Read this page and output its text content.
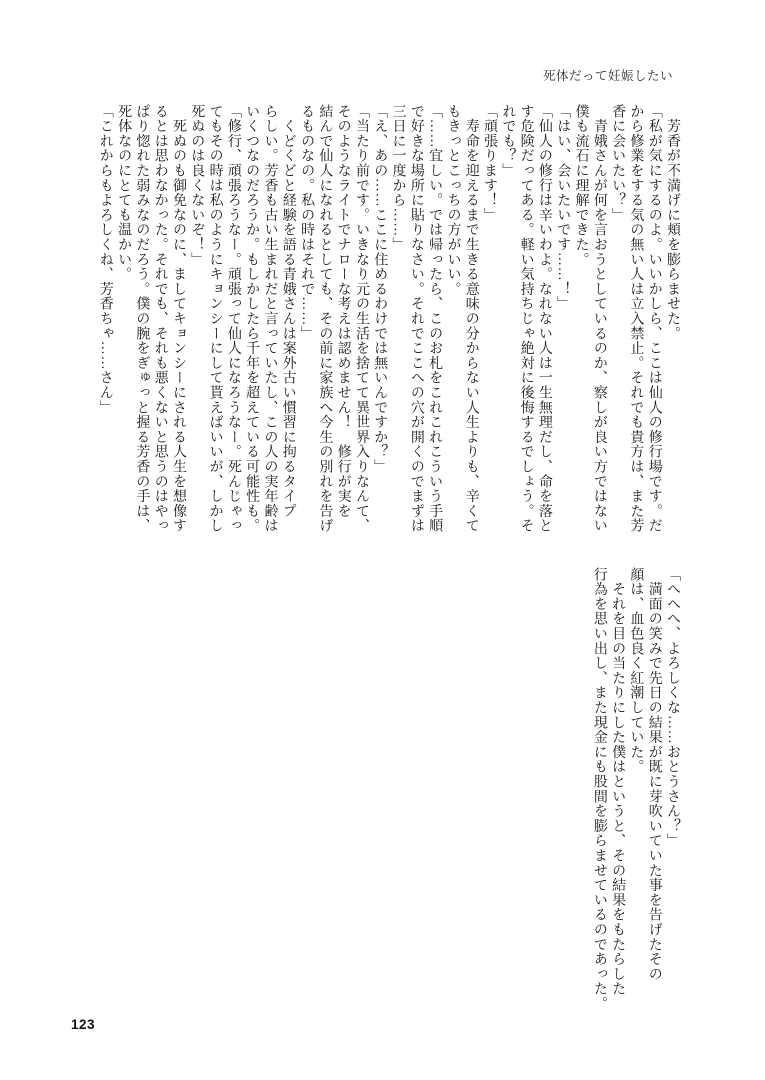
死体だって妊娠したい
　芳香が不満げに頬を膨らませた。
「私が気にするのよ。いいかしら、ここは仙人の修行場です。だ
から修業をする気の無い人は立入禁止。それでも貴方は、また芳
香に会いたい？」
　青娥さんが何を言おうとしているのか、察しが良い方ではない
僕も流石に理解できた。
「はい、会いたいです……！」
「仙人の修行は辛いわよ。なれない人は一生無理だし、命を落と
す危険だってある。軽い気持ちじゃ絶対に後悔するでしょう。そ
れでも？」
「頑張ります！」
　寿命を迎えるまで生きる意味の分からない人生よりも、辛くて
もきっとこっちの方がいい。
「……宜しい。では帰ったら、このお札をこれこれこういう手順
で好きな場所に貼りなさい。それでここへの穴が開くのでまずは
三日に一度から……」
「え、あの……ここに住めるわけでは無いんですか？」
「当たり前です。いきなり元の生活を捨てて異世界入りなんて、
そのようなライトでナローな考えは認めません！　修行が実を
結んで仙人になれるとしても、その前に家族へ今生の別れを告げ
るものなの。私の時はそれで……」
　くどくどと経験を語る青娥さんは案外古い慣習に拘るタイプ
らしい。芳香も古い生まれだと言っていたし、この人の実年齢は
いくつなのだろうか。もしかしたら千年を超えている可能性も。
「修行、頑張ろうなー。頑張って仙人になろうなー。死んじゃっ
てもその時は私のようにキョンシーにして貰えばいいが、しかし
死ぬのは良くないぞ！」
　死ぬのも御免なのに、ましてキョンシーにされる人生を想像す
るとは思わなかった。それでも、それも悪くないと思うのはやっ
ぱり惚れた弱みなのだろう。僕の腕をぎゅっと握る芳香の手は、
死体なのにとても温かい。
「これからもよろしくね、芳香ちゃ……さん」
「へへへ、よろしくな……おとうさん？」
　満面の笑みで先日の結果が既に芽吹いていた事を告げたその
顔は、血色良く紅潮していた。
　それを目の当たりにした僕はというと、その結果をもたらした
行為を思い出し、また現金にも股間を膨らませているのであった。
123
